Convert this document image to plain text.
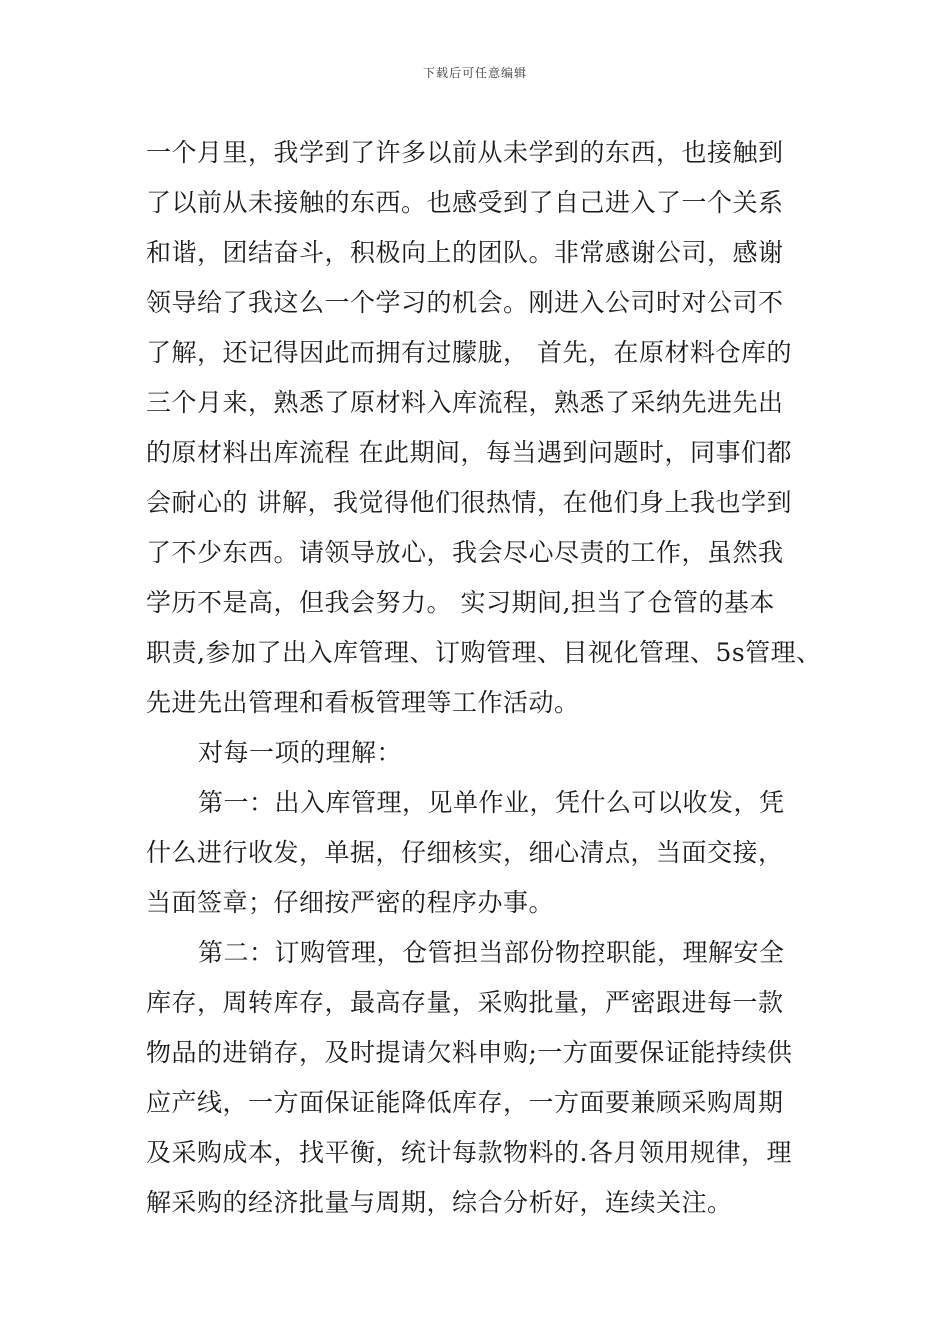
下载后可任意编辑
一个月里，我学到了许多以前从未学到的东西，也接触到
了以前从未接触的东西。也感受到了自己进入了一个关系
和谐，团结奋斗，积极向上的团队。非常感谢公司，感谢
领导给了我这么一个学习的机会。刚进入公司时对公司不
了解，还记得因此而拥有过朦胧， 首先，在原材料仓库的
三个月来，熟悉了原材料入库流程，熟悉了采纳先进先出
的原材料出库流程 在此期间，每当遇到问题时，同事们都
会耐心的 讲解，我觉得他们很热情，在他们身上我也学到
了不少东西。请领导放心，我会尽心尽责的工作，虽然我
学历不是高，但我会努力。 实习期间,担当了仓管的基本
职责,参加了出入库管理、订购管理、目视化管理、5s管理、
先进先出管理和看板管理等工作活动。
对每一项的理解：
第一：出入库管理，见单作业，凭什么可以收发，凭
什么进行收发，单据，仔细核实，细心清点，当面交接，
当面签章；仔细按严密的程序办事。
第二：订购管理，仓管担当部份物控职能，理解安全
库存，周转库存，最高存量，采购批量，严密跟进每一款
物品的进销存，及时提请欠料申购;一方面要保证能持续供
应产线，一方面保证能降低库存，一方面要兼顾采购周期
及采购成本，找平衡，统计每款物料的.各月领用规律，理
解采购的经济批量与周期，综合分析好，连续关注。
